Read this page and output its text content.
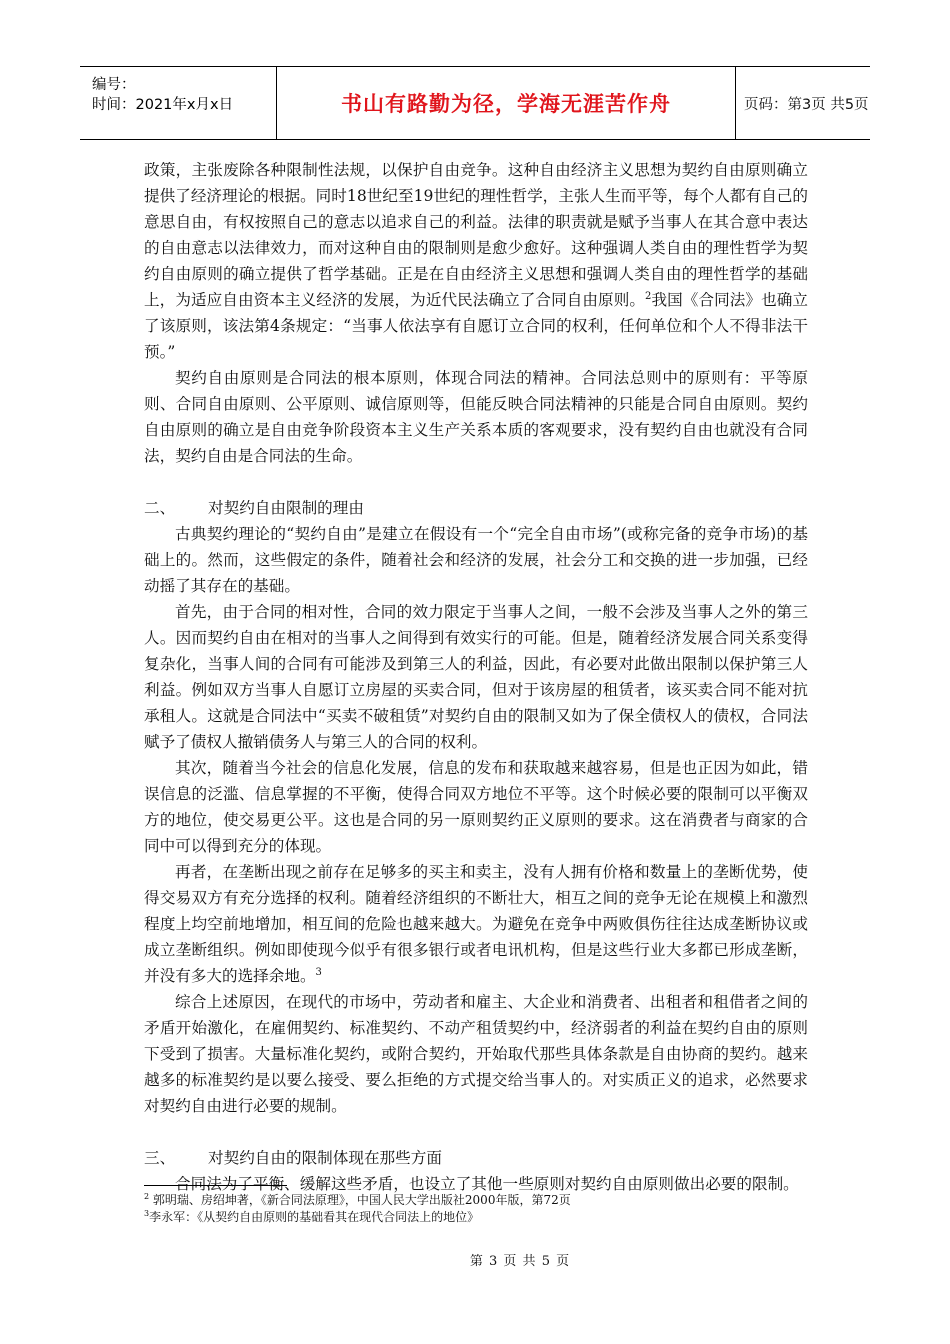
编号：
时间：2021年x月x日	书山有路勤为径，学海无涯苦作舟	页码：第3页 共5页

政策，主张废除各种限制性法规，以保护自由竞争。这种自由经济主义思想为契约自由原则确立提供了经济理论的根据。同时18世纪至19世纪的理性哲学，主张人生而平等，每个人都有自己的意思自由，有权按照自己的意志以追求自己的利益。法律的职责就是赋予当事人在其合意中表达的自由意志以法律效力，而对这种自由的限制则是愈少愈好。这种强调人类自由的理性哲学为契约自由原则的确立提供了哲学基础。正是在自由经济主义思想和强调人类自由的理性哲学的基础上，为适应自由资本主义经济的发展，为近代民法确立了合同自由原则。$^2$我国《合同法》也确立了该原则，该法第4条规定：“当事人依法享有自愿订立合同的权利，任何单位和个人不得非法干预。”

契约自由原则是合同法的根本原则，体现合同法的精神。合同法总则中的原则有：平等原则、合同自由原则、公平原则、诚信原则等，但能反映合同法精神的只能是合同自由原则。契约自由原则的确立是自由竞争阶段资本主义生产关系本质的客观要求，没有契约自由也就没有合同法，契约自由是合同法的生命。

二、 对契约自由限制的理由

古典契约理论的“契约自由”是建立在假设有一个“完全自由市场”(或称完备的竞争市场)的基础上的。然而，这些假定的条件，随着社会和经济的发展，社会分工和交换的进一步加强，已经动摇了其存在的基础。

首先，由于合同的相对性，合同的效力限定于当事人之间，一般不会涉及当事人之外的第三人。因而契约自由在相对的当事人之间得到有效实行的可能。但是，随着经济发展合同关系变得复杂化，当事人间的合同有可能涉及到第三人的利益，因此，有必要对此做出限制以保护第三人利益。例如双方当事人自愿订立房屋的买卖合同，但对于该房屋的租赁者，该买卖合同不能对抗承租人。这就是合同法中“买卖不破租赁”对契约自由的限制又如为了保全债权人的债权，合同法赋予了债权人撤销债务人与第三人的合同的权利。

其次，随着当今社会的信息化发展，信息的发布和获取越来越容易，但是也正因为如此，错误信息的泛滥、信息掌握的不平衡，使得合同双方地位不平等。这个时候必要的限制可以平衡双方的地位，使交易更公平。这也是合同的另一原则契约正义原则的要求。这在消费者与商家的合同中可以得到充分的体现。

再者，在垄断出现之前存在足够多的买主和卖主，没有人拥有价格和数量上的垄断优势，使得交易双方有充分选择的权利。随着经济组织的不断壮大，相互之间的竞争无论在规模上和激烈程度上均空前地增加，相互间的危险也越来越大。为避免在竞争中两败俱伤往往达成垄断协议或成立垄断组织。例如即使现今似乎有很多银行或者电讯机构，但是这些行业大多都已形成垄断，并没有多大的选择余地。$^3$

综合上述原因，在现代的市场中，劳动者和雇主、大企业和消费者、出租者和租借者之间的矛盾开始激化，在雇佣契约、标准契约、不动产租赁契约中，经济弱者的利益在契约自由的原则下受到了损害。大量标准化契约，或附合契约，开始取代那些具体条款是自由协商的契约。越来越多的标准契约是以要么接受、要么拒绝的方式提交给当事人的。对实质正义的追求，必然要求对契约自由进行必要的规制。

三、 对契约自由的限制体现在那些方面

合同法为了平衡、缓解这些矛盾，也设立了其他一些原则对契约自由原则做出必要的限制。

$^2$ 郭明瑞、房绍坤著，《新合同法原理》，中国人民大学出版社2000年版，第72页

$^3$李永军：《从契约自由原则的基础看其在现代合同法上的地位》

第 3 页 共 5 页
